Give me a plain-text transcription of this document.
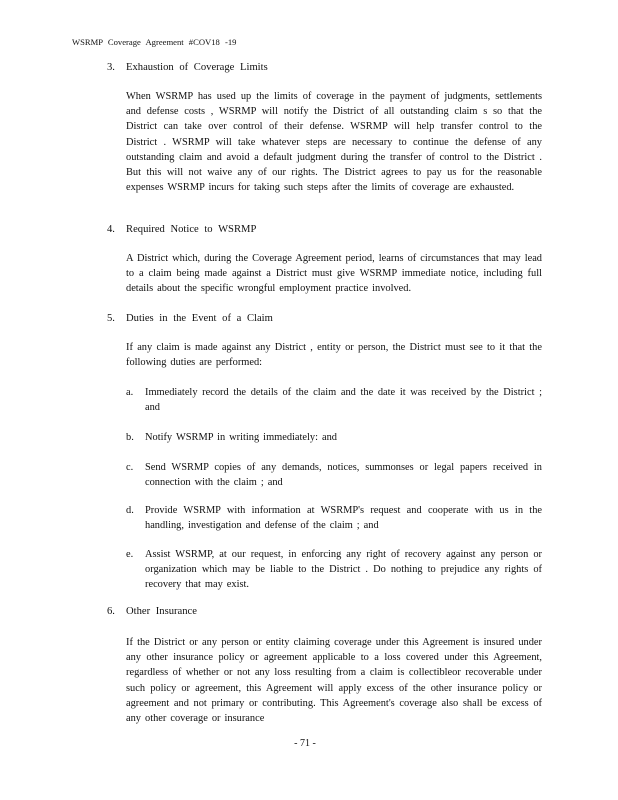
WSRMP Coverage Agreement #COV18 -19
3. Exhaustion of Coverage Limits
When WSRMP has used up the limits of coverage in the payment of judgments, settlements and defense costs , WSRMP will notify the District of all outstanding claim s so that the District can take over control of their defense. WSRMP will help transfer control to the District . WSRMP will take whatever steps are necessary to continue the defense of any outstanding claim and avoid a default judgment during the transfer of control to the District . But this will not waive any of our rights. The District agrees to pay us for the reasonable expenses WSRMP incurs for taking such steps after the limits of coverage are exhausted.
4. Required Notice to WSRMP
A District which, during the Coverage Agreement period, learns of circumstances that may lead to a claim being made against a District must give WSRMP immediate notice, including full details about the specific wrongful employment practice involved.
5. Duties in the Event of a Claim
If any claim is made against any District , entity or person, the District must see to it that the following duties are performed:
a. Immediately record the details of the claim and the date it was received by the District ; and
b. Notify WSRMP in writing immediately: and
c. Send WSRMP copies of any demands, notices, summonses or legal papers received in connection with the claim ; and
d. Provide WSRMP with information at WSRMP's request and cooperate with us in the handling, investigation and defense of the claim ; and
e. Assist WSRMP, at our request, in enforcing any right of recovery against any person or organization which may be liable to the District . Do nothing to prejudice any rights of recovery that may exist.
6. Other Insurance
If the District or any person or entity claiming coverage under this Agreement is insured under any other insurance policy or agreement applicable to a loss covered under this Agreement, regardless of whether or not any loss resulting from a claim is collectibleor recoverable under such policy or agreement, this Agreement will apply excess of the other insurance policy or agreement and not primary or contributing. This Agreement's coverage also shall be excess of any other coverage or insurance
- 71 -
